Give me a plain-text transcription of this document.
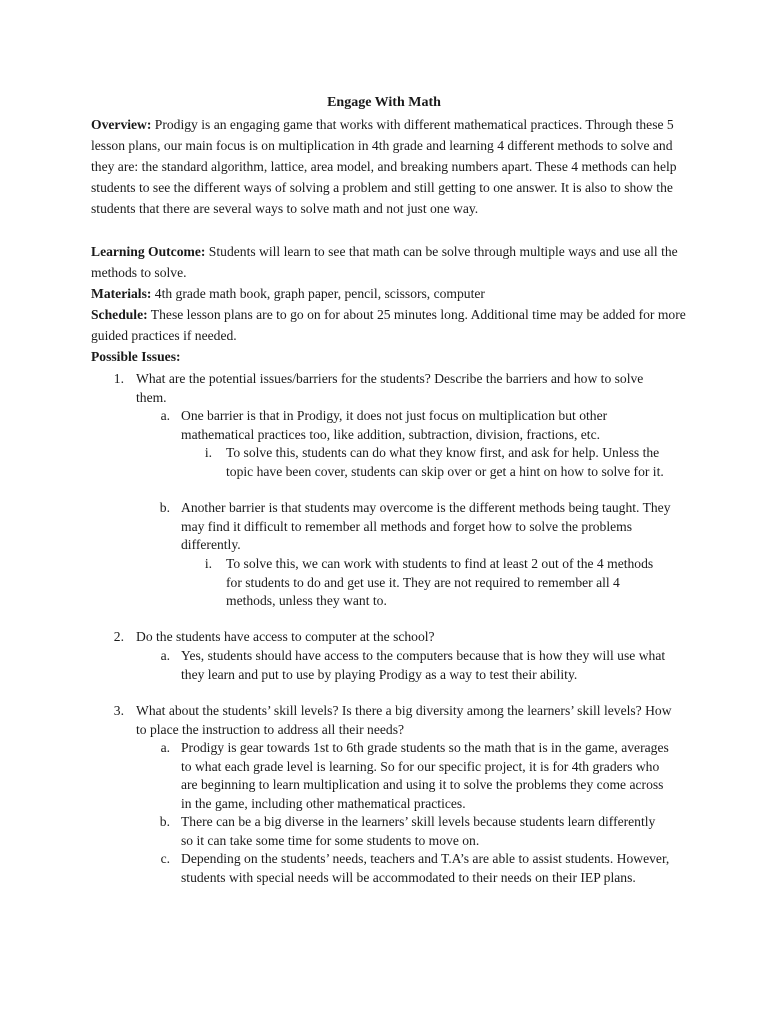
Engage With Math

Overview: Prodigy is an engaging game that works with different mathematical practices. Through these 5 lesson plans, our main focus is on multiplication in 4th grade and learning 4 different methods to solve and they are: the standard algorithm, lattice, area model, and breaking numbers apart. These 4 methods can help students to see the different ways of solving a problem and still getting to one answer. It is also to show the students that there are several ways to solve math and not just one way.

Learning Outcome: Students will learn to see that math can be solve through multiple ways and use all the methods to solve.

Materials: 4th grade math book, graph paper, pencil, scissors, computer

Schedule: These lesson plans are to go on for about 25 minutes long. Additional time may be added for more guided practices if needed.

Possible Issues:

1. What are the potential issues/barriers for the students? Describe the barriers and how to solve them.
a. One barrier is that in Prodigy, it does not just focus on multiplication but other mathematical practices too, like addition, subtraction, division, fractions, etc.
i. To solve this, students can do what they know first, and ask for help. Unless the topic have been cover, students can skip over or get a hint on how to solve for it.
b. Another barrier is that students may overcome is the different methods being taught. They may find it difficult to remember all methods and forget how to solve the problems differently.
i. To solve this, we can work with students to find at least 2 out of the 4 methods for students to do and get use it. They are not required to remember all 4 methods, unless they want to.
2. Do the students have access to computer at the school?
a. Yes, students should have access to the computers because that is how they will use what they learn and put to use by playing Prodigy as a way to test their ability.
3. What about the students’ skill levels? Is there a big diversity among the learners’ skill levels? How to place the instruction to address all their needs?
a. Prodigy is gear towards 1st to 6th grade students so the math that is in the game, averages to what each grade level is learning. So for our specific project, it is for 4th graders who are beginning to learn multiplication and using it to solve the problems they come across in the game, including other mathematical practices.
b. There can be a big diverse in the learners’ skill levels because students learn differently so it can take some time for some students to move on.
c. Depending on the students’ needs, teachers and T.A’s are able to assist students. However, students with special needs will be accommodated to their needs on their IEP plans.
